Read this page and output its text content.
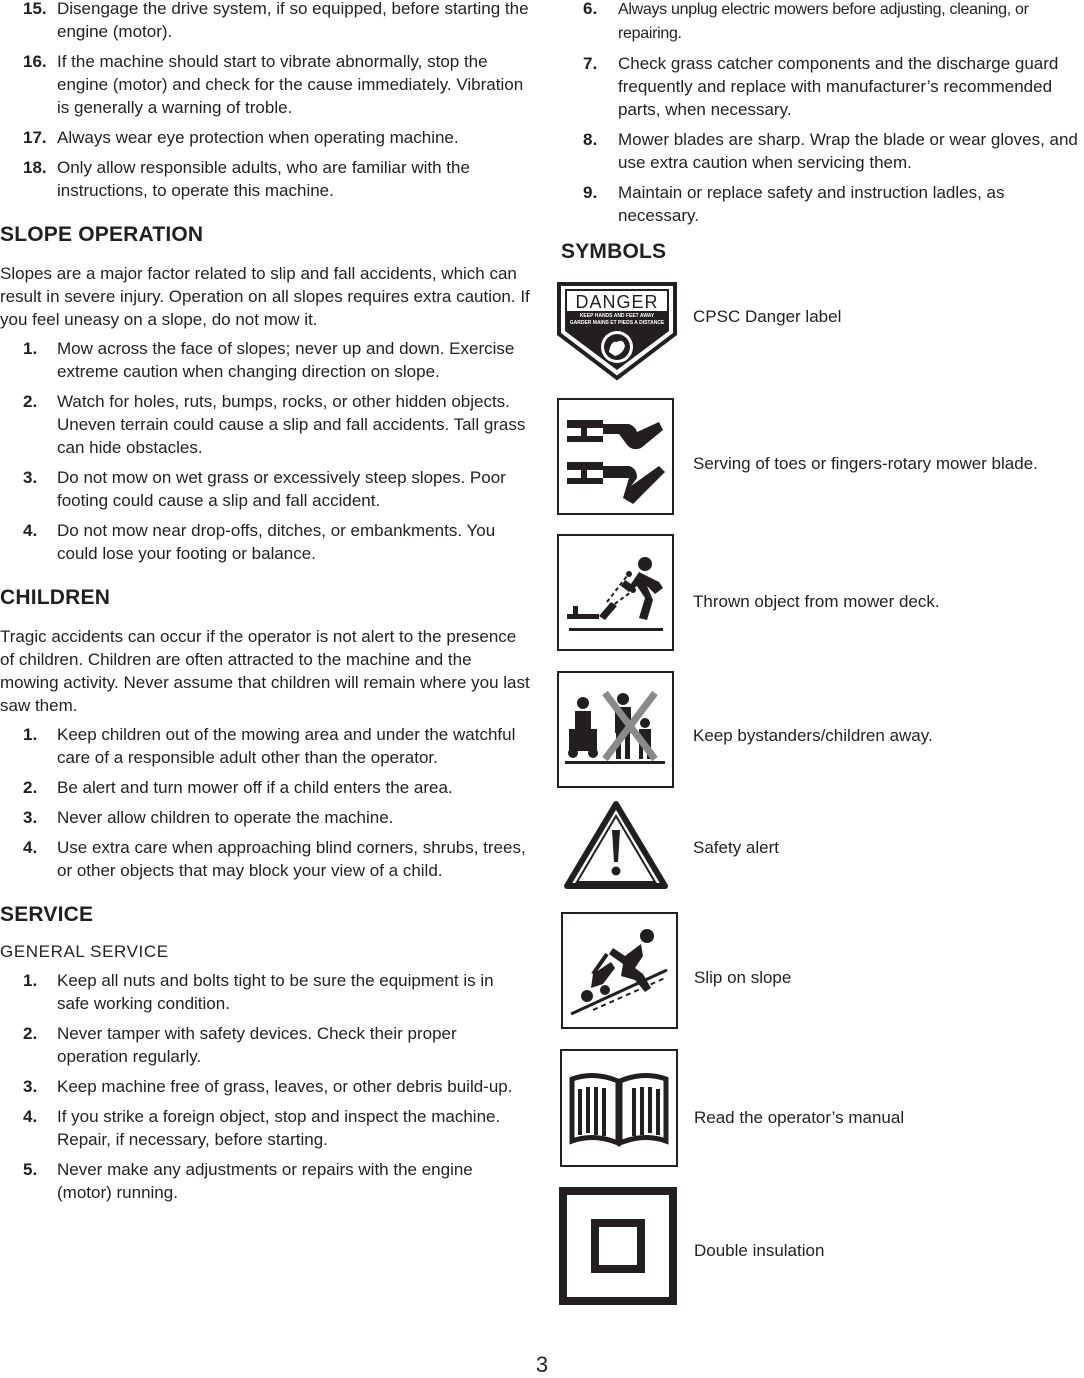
15. Disengage the drive system, if so equipped, before starting the engine (motor).
16. If the machine should start to vibrate abnormally, stop the engine (motor) and check for the cause immediately. Vibration is generally a warning of troble.
17. Always wear eye protection when operating machine.
18. Only allow responsible adults, who are familiar with the instructions, to operate this machine.
SLOPE OPERATION

Slopes are a major factor related to slip and fall accidents, which can result in severe injury. Operation on all slopes requires extra caution. If you feel uneasy on a slope, do not mow it.

1. Mow across the face of slopes; never up and down. Exercise extreme caution when changing direction on slope.
2. Watch for holes, ruts, bumps, rocks, or other hidden objects. Uneven terrain could cause a slip and fall accidents. Tall grass can hide obstacles.
3. Do not mow on wet grass or excessively steep slopes. Poor footing could cause a slip and fall accident.
4. Do not mow near drop-offs, ditches, or embankments. You could lose your footing or balance.
CHILDREN

Tragic accidents can occur if the operator is not alert to the presence of children. Children are often attracted to the machine and the mowing activity. Never assume that children will remain where you last saw them.

1. Keep children out of the mowing area and under the watchful care of a responsible adult other than the operator.
2. Be alert and turn mower off if a child enters the area.
3. Never allow children to operate the machine.
4. Use extra care when approaching blind corners, shrubs, trees, or other objects that may block your view of a child.
SERVICE

GENERAL SERVICE

1. Keep all nuts and bolts tight to be sure the equipment is in safe working condition.
2. Never tamper with safety devices. Check their proper operation regularly.
3. Keep machine free of grass, leaves, or other debris build-up.
4. If you strike a foreign object, stop and inspect the machine. Repair, if necessary, before starting.
5. Never make any adjustments or repairs with the engine (motor) running.
6. Always unplug electric mowers before adjusting, cleaning, or repairing.
7. Check grass catcher components and the discharge guard frequently and replace with manufacturer’s recommended parts, when necessary.
8. Mower blades are sharp. Wrap the blade or wear gloves, and use extra caution when servicing them.
9. Maintain or replace safety and instruction ladles, as necessary.
SYMBOLS
DANGER
KEEP HANDS AND FEET AWAY
GARDER MAINS ET PIEDS A DISTANCE CPSC Danger label
Serving of toes or fingers-rotary mower blade.
Thrown object from mower deck.
Keep bystanders/children away.
Safety alert
Slip on slope
Read the operator’s manual
Double insulation
3
